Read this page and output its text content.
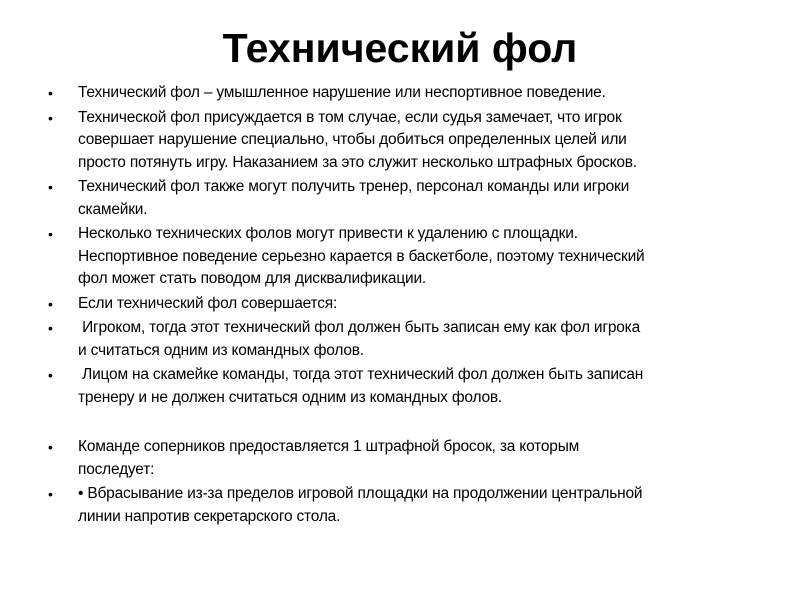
Технический фол
• Технический фол – умышленное нарушение или неспортивное поведение.
• Техническoй фол присуждается в том случае, если судья замечает, что игрок
совершает нарушение специально, чтобы добиться определенных целей или
просто потянуть игру. Наказанием за это служит несколько штрафных бросков.
• Технический фол также могут получить тренер, персонал команды или игроки
скамейки.
• Несколько технических фолов могут привести к удалению с площадки.
Неспортивное поведение серьезно карается в баскетболе, поэтому технический
фол может стать поводом для дисквалификации.
• Если технический фол совершается:
• Игроком, тогда этот технический фол должен быть записан ему как фол игрока
и считаться одним из командных фолов.
• Лицом на скамейке команды, тогда этот технический фол должен быть записан
тренеру и не должен считаться одним из командных фолов.
• Команде соперников предоставляется 1 штрафной бросок, за которым
последует:
• • Вбрасывание из-за пределов игровой площадки на продолжении центральной
линии напротив секретарского стола.
